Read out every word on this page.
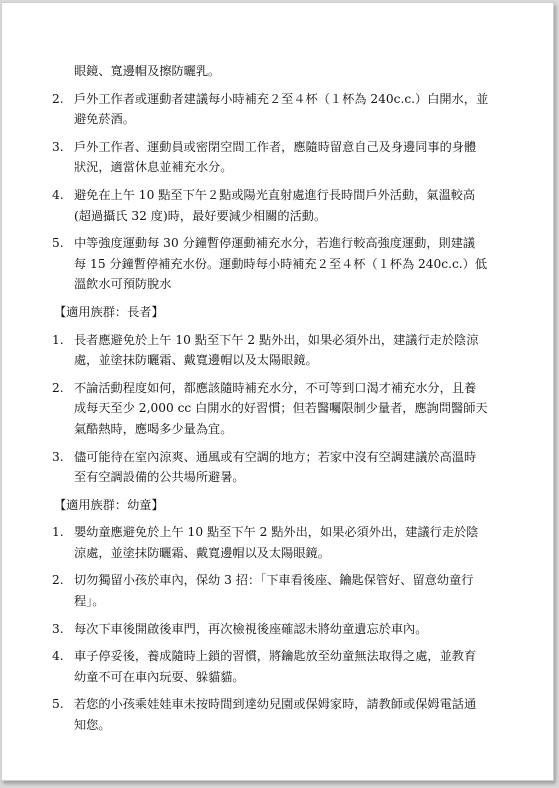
眼鏡、寬邊帽及擦防曬乳。

2. 戶外工作者或運動者建議每小時補充２至４杯（１杯為 240c.c.）白開水，並
避免菸酒。
3. 戶外工作者、運動員或密閉空間工作者，應隨時留意自己及身邊同事的身體
狀況，適當休息並補充水分。
4. 避免在上午 10 點至下午２點或陽光直射處進行長時間戶外活動，氣溫較高
(超過攝氏 32 度)時，最好要減少相關的活動。
5. 中等強度運動每 30 分鐘暫停運動補充水分，若進行較高強度運動，則建議
每 15 分鐘暫停補充水份。運動時每小時補充２至４杯（１杯為 240c.c.）低
溫飲水可預防脫水

【適用族群：長者】

1. 長者應避免於上午 10 點至下午 2 點外出，如果必須外出，建議行走於陰涼
處，並塗抹防曬霜、戴寬邊帽以及太陽眼鏡。
2. 不論活動程度如何，都應該隨時補充水分，不可等到口渴才補充水分，且養
成每天至少 2,000 cc 白開水的好習慣；但若醫囑限制少量者，應詢問醫師天
氣酷熱時，應喝多少量為宜。
3. 儘可能待在室內涼爽、通風或有空調的地方；若家中沒有空調建議於高溫時
至有空調設備的公共場所避暑。

【適用族群：幼童】

1. 嬰幼童應避免於上午 10 點至下午 2 點外出，如果必須外出，建議行走於陰
涼處，並塗抹防曬霜、戴寬邊帽以及太陽眼鏡。
2. 切勿獨留小孩於車內，保幼 3 招：「下車看後座、鑰匙保管好、留意幼童行
程」。
3. 每次下車後開啟後車門，再次檢視後座確認未將幼童遺忘於車內。
4. 車子停妥後，養成隨時上鎖的習慣，將鑰匙放至幼童無法取得之處，並教育
幼童不可在車內玩耍、躲貓貓。
5. 若您的小孩乘娃娃車未按時間到達幼兒園或保姆家時，請教師或保姆電話通
知您。
